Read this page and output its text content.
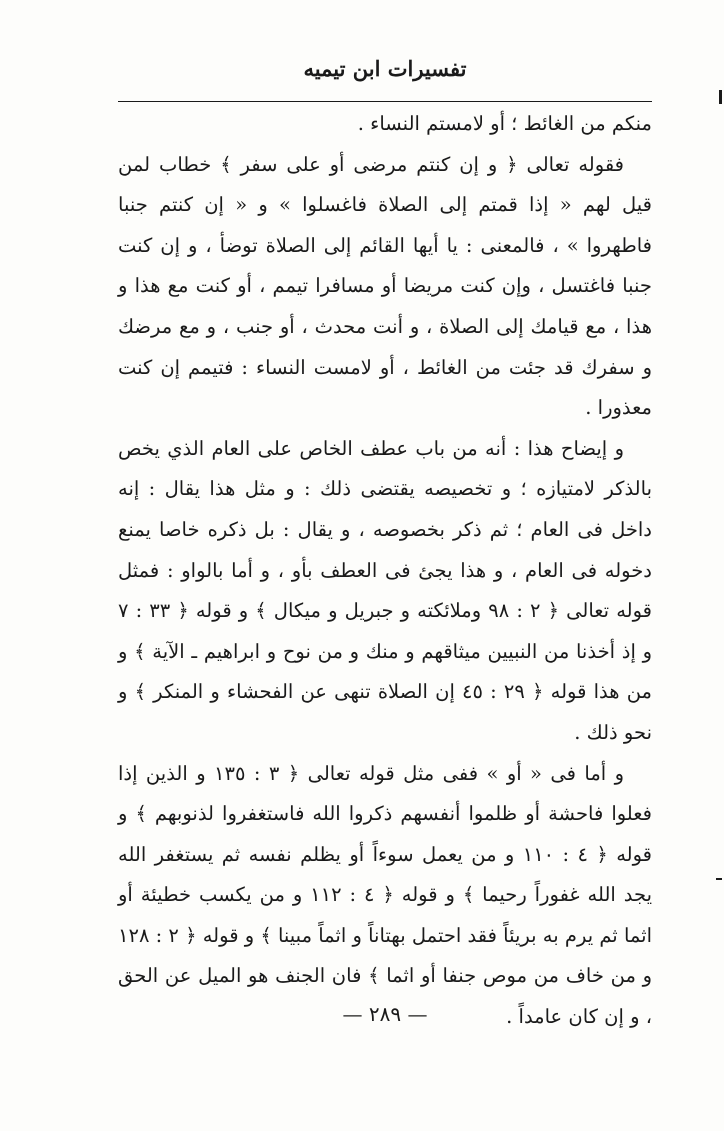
تفسيرات ابن تيميه

منكم من الغائط ؛ أو لامستم النساء .

فقوله تعالى ﴿ و إن كنتم مرضى أو على سفر ﴾ خطاب لمن قيل لهم « إذا قمتم إلى الصلاة فاغسلوا » و « إن كنتم جنبا فاطهروا » ، فالمعنى : يا أيها القائم إلى الصلاة توضأ ، و إن كنت جنبا فاغتسل ، وإن كنت مريضا أو مسافرا تيمم ، أو كنت مع هذا و هذا ، مع قيامك إلى الصلاة ، و أنت محدث ، أو جنب ، و مع مرضك و سفرك قد جئت من الغائط ، أو لامست النساء : فتيمم إن كنت معذورا .

و إيضاح هذا : أنه من باب عطف الخاص على العام الذي يخص بالذكر لامتيازه ؛ و تخصيصه يقتضى ذلك : و مثل هذا يقال : إنه داخل فى العام ؛ ثم ذكر بخصوصه ، و يقال : بل ذكره خاصا يمنع دخوله فى العام ، و هذا يجئ فى العطف بأو ، و أما بالواو : فمثل قوله تعالى ﴿ ٢ : ٩٨ وملائكته و جبريل و ميكال ﴾ و قوله ﴿ ٣٣ : ٧ و إذ أخذنا من النبيين ميثاقهم و منك و من نوح و ابراهيم ـ الآية ﴾ و من هذا قوله ﴿ ٢٩ : ٤٥ إن الصلاة تنهى عن الفحشاء و المنكر ﴾ و نحو ذلك .

و أما فى « أو » ففى مثل قوله تعالى ﴿ ٣ : ١٣٥ و الذين إذا فعلوا فاحشة أو ظلموا أنفسهم ذكروا الله فاستغفروا لذنوبهم ﴾ و قوله ﴿ ٤ : ١١٠ و من يعمل سوءاً أو يظلم نفسه ثم يستغفر الله يجد الله غفوراً رحيما ﴾ و قوله ﴿ ٤ : ١١٢ و من يكسب خطيئة أو اثما ثم يرم به بريئاً فقد احتمل بهتاناً و اثماً مبينا ﴾ و قوله ﴿ ٢ : ١٢٨ و من خاف من موص جنفا أو اثما ﴾ فان الجنف هو الميل عن الحق ، و إن كان عامداً .

— ٢٨٩ —
